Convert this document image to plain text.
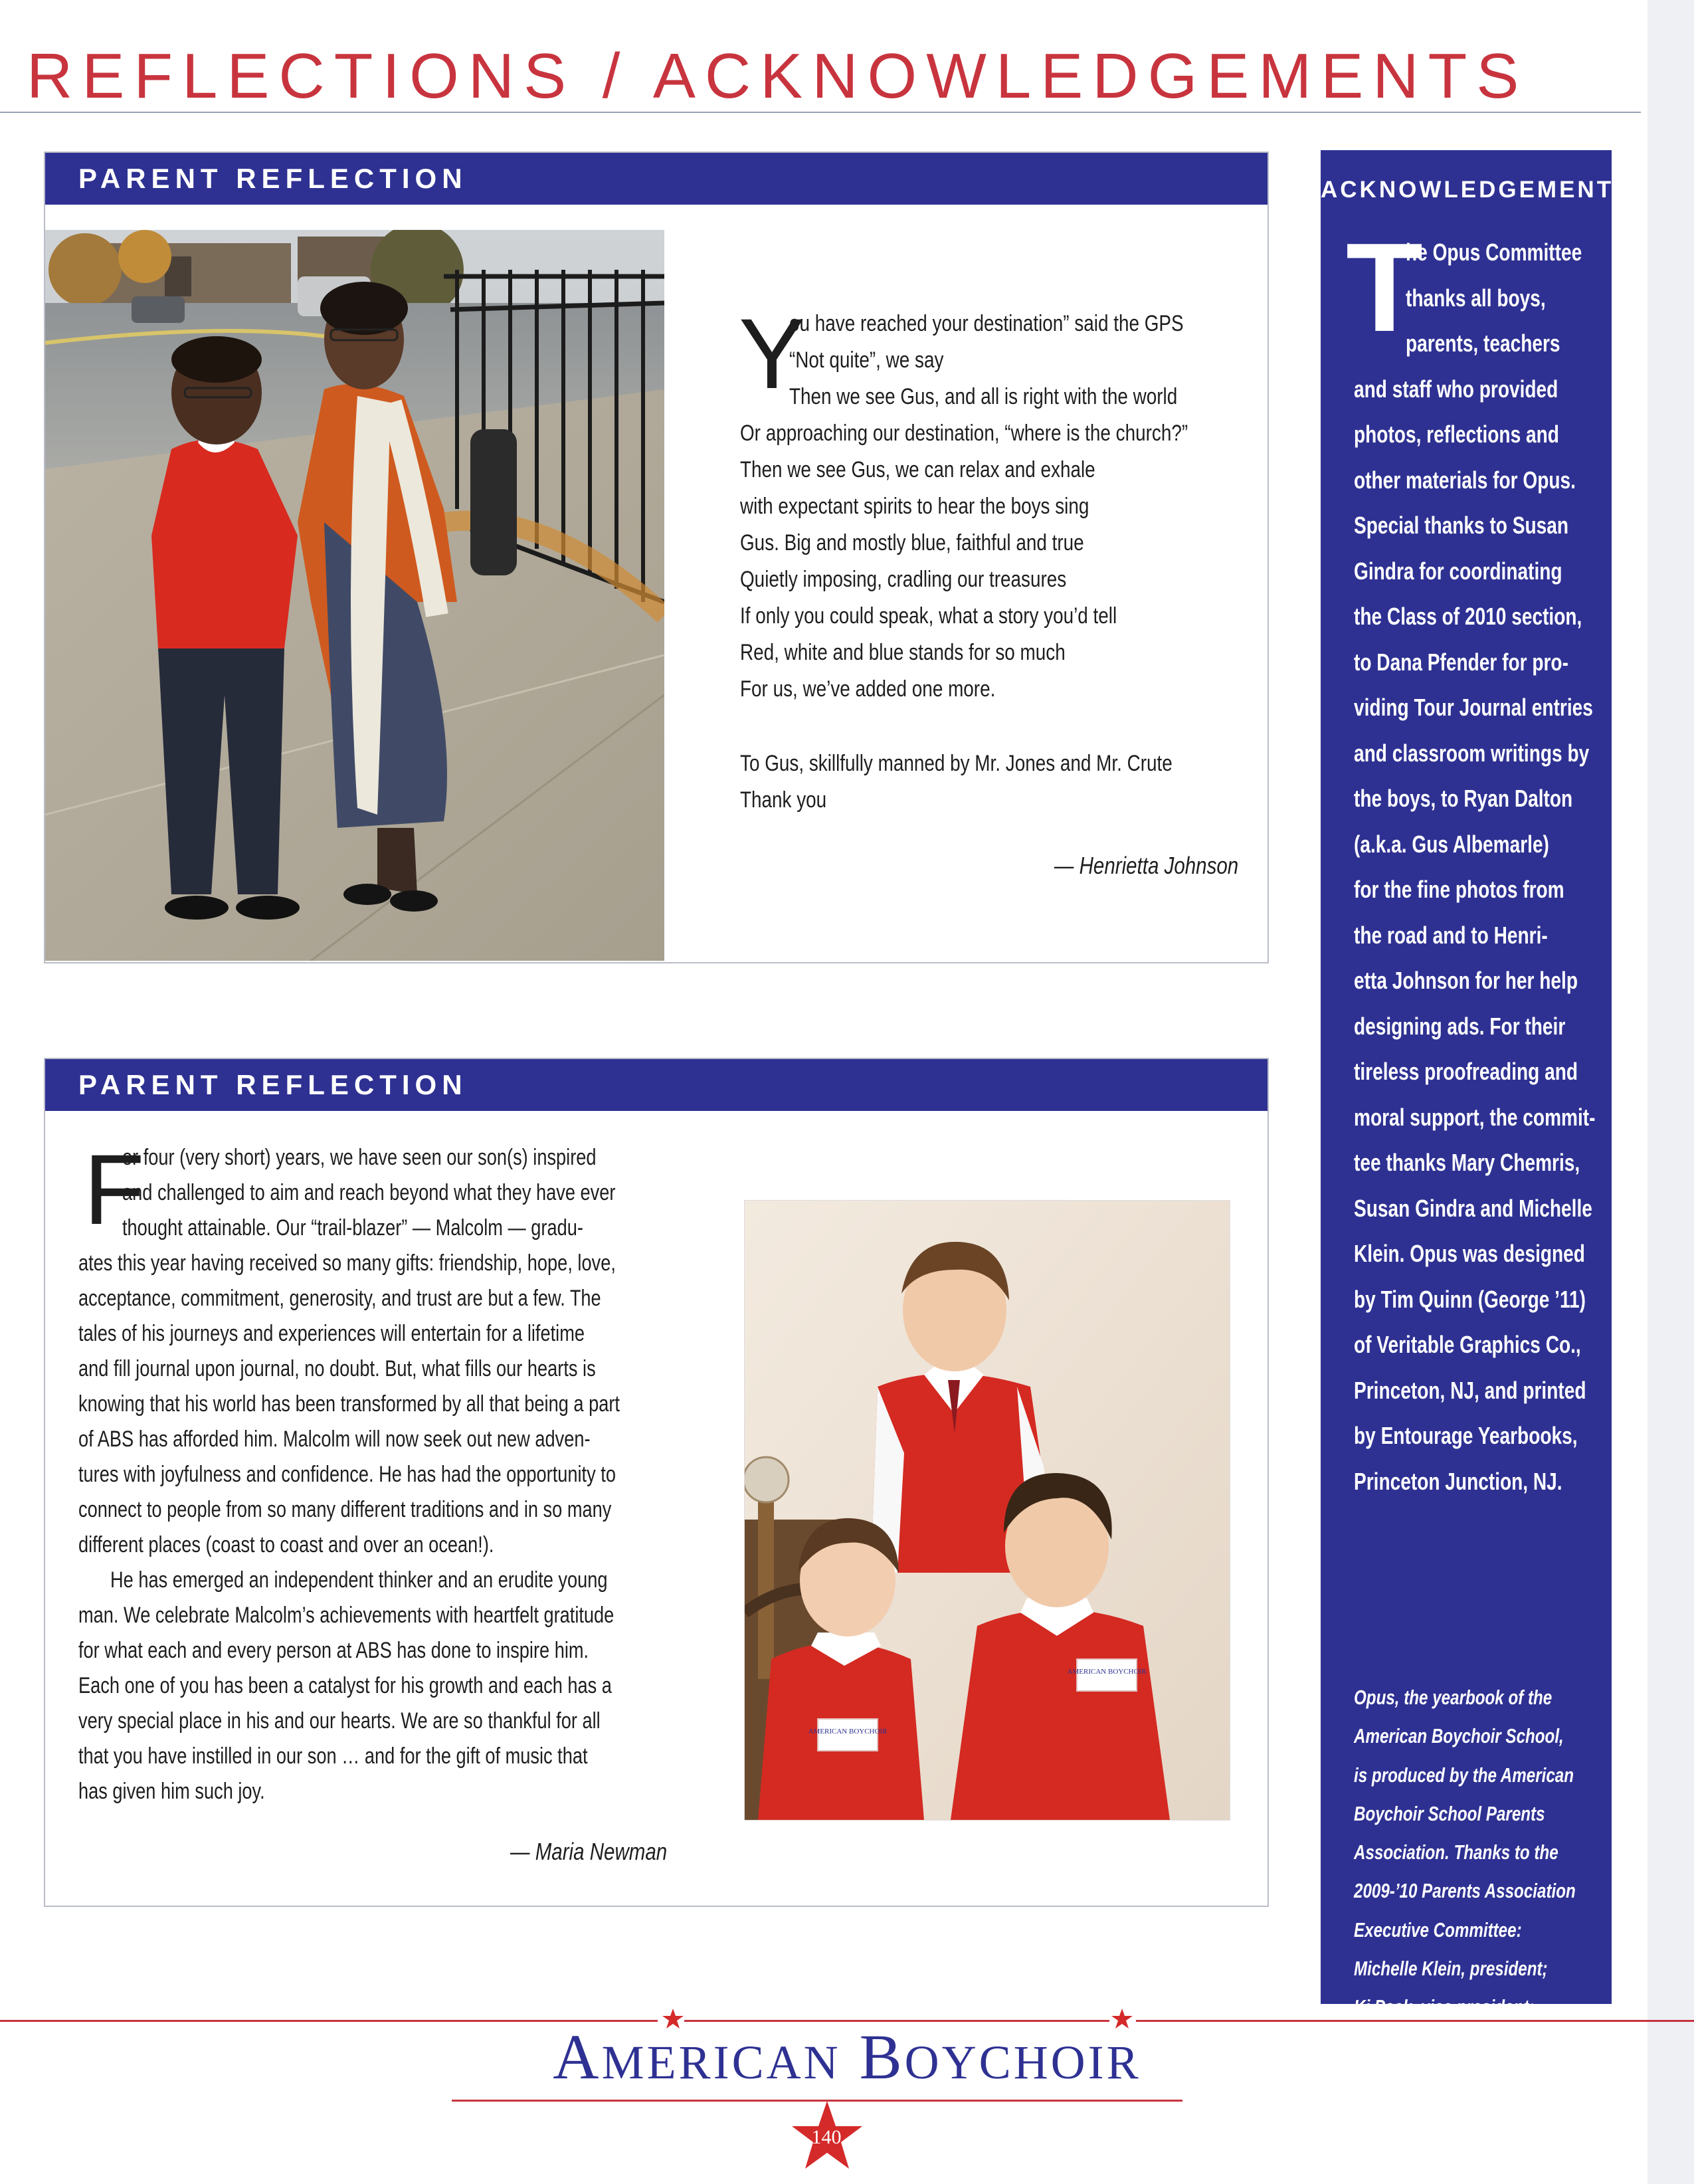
REFLECTIONS / ACKNOWLEDGEMENTS
PARENT REFLECTION
Y
ou have reached your destination” said the GPS
“Not quite”, we say
Then we see Gus, and all is right with the world
Or approaching our destination, “where is the church?”
Then we see Gus, we can relax and exhale
with expectant spirits to hear the boys sing
Gus. Big and mostly blue, faithful and true
Quietly imposing, cradling our treasures
If only you could speak, what a story you’d tell
Red, white and blue stands for so much
For us, we’ve added one more.
To Gus, skillfully manned by Mr. Jones and Mr. Crute
Thank you
— Henrietta Johnson
PARENT REFLECTION
F
or four (very short) years, we have seen our son(s) inspired
and challenged to aim and reach beyond what they have ever
thought attainable. Our “trail-blazer” — Malcolm — gradu-
ates this year having received so many gifts: friendship, hope, love,
acceptance, commitment, generosity, and trust are but a few. The
tales of his journeys and experiences will entertain for a lifetime
and fill journal upon journal, no doubt. But, what fills our hearts is
knowing that his world has been transformed by all that being a part
of ABS has afforded him. Malcolm will now seek out new adven-
tures with joyfulness and confidence. He has had the opportunity to
connect to people from so many different traditions and in so many
different places (coast to coast and over an ocean!).
He has emerged an independent thinker and an erudite young
man. We celebrate Malcolm’s achievements with heartfelt gratitude
for what each and every person at ABS has done to inspire him.
Each one of you has been a catalyst for his growth and each has a
very special place in his and our hearts. We are so thankful for all
that you have instilled in our son … and for the gift of music that
has given him such joy.
— Maria Newman
AMERICAN BOYCHOIR
AMERICAN BOYCHOIR
ACKNOWLEDGEMENTS
T
he Opus Committee
thanks all boys,
parents, teachers
and staff who provided
photos, reflections and
other materials for Opus.
Special thanks to Susan
Gindra for coordinating
the Class of 2010 section,
to Dana Pfender for pro-
viding Tour Journal entries
and classroom writings by
the boys, to Ryan Dalton
(a.k.a. Gus Albemarle)
for the fine photos from
the road and to Henri-
etta Johnson for her help
designing ads. For their
tireless proofreading and
moral support, the commit-
tee thanks Mary Chemris,
Susan Gindra and Michelle
Klein. Opus was designed
by Tim Quinn (George ’11)
of Veritable Graphics Co.,
Princeton, NJ, and printed
by Entourage Yearbooks,
Princeton Junction, NJ.
Opus, the yearbook of the
American Boychoir School,
is produced by the American
Boychoir School Parents
Association. Thanks to the
2009-’10 Parents Association
Executive Committee:
Michelle Klein, president;
Ki Paek, vice president;
Shirley Shi, treasurer;
Tim Quinn, secretary.
AMERICAN BOYCHOIR
140
